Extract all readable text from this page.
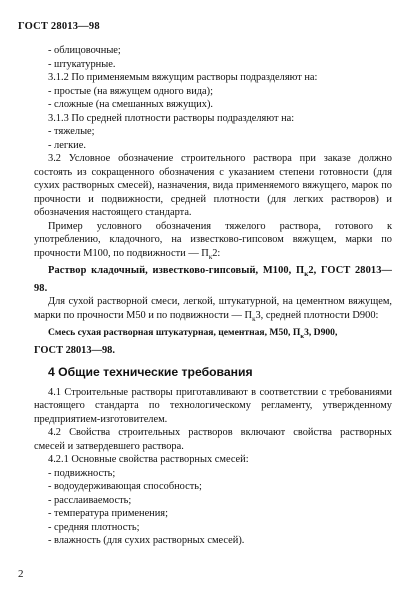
ГОСТ 28013—98

- облицовочные;

- штукатурные.

3.1.2 По применяемым вяжущим растворы подразделяют на:

- простые (на вяжущем одного вида);

- сложные (на смешанных вяжущих).

3.1.3 По средней плотности растворы подразделяют на:

- тяжелые;

- легкие.

3.2 Условное обозначение строительного раствора при заказе должно состоять из сокращенного обозначения с указанием степени готовности (для сухих растворных смесей), назначения, вида применяемого вяжущего, марок по прочности и подвижности, средней плотности (для легких растворов) и обозначения настоящего стандарта.

Пример условного обозначения тяжелого раствора, готового к употреблению, кладочного, на известково-гипсовом вяжущем, марки по прочности М100, по подвижности — $П_к2$:

Раствор кладочный, известково-гипсовый, М100, $П_к2$, ГОСТ 28013—98.

Для сухой растворной смеси, легкой, штукатурной, на цементном вяжущем, марки по прочности М50 и по подвижности — $П_к3$, средней плотности D900:

Смесь сухая растворная штукатурная, цементная, М50, $П_к3$, D900,

ГОСТ 28013—98.

4 Общие технические требования

4.1 Строительные растворы приготавливают в соответствии с требованиями настоящего стандарта по технологическому регламенту, утвержденному предприятием-изготовителем.

4.2 Свойства строительных растворов включают свойства растворных смесей и затвердевшего раствора.

4.2.1 Основные свойства растворных смесей:

- подвижность;

- водоудерживающая способность;

- расслаиваемость;

- температура применения;

- средняя плотность;

- влажность (для сухих растворных смесей).

2
